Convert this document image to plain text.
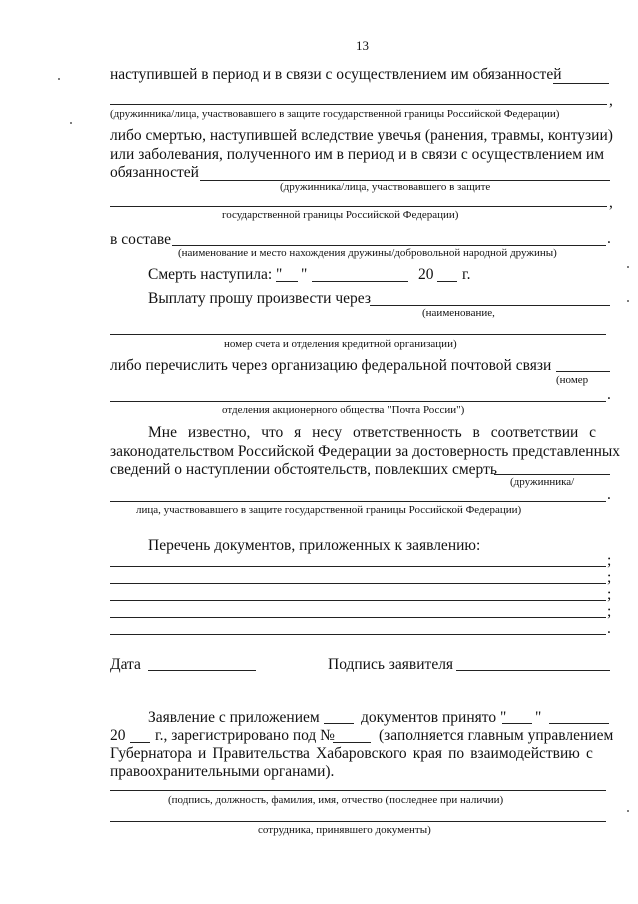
13
наступившей в период и в связи с осуществлением им обязанностей
,
(дружинника/лица, участвовавшего в защите государственной границы Российской Федерации)
либо смертью, наступившей вследствие увечья (ранения, травмы, контузии)
или заболевания, полученного им в период и в связи с осуществлением им
обязанностей
(дружинника/лица, участвовавшего в защите
,
государственной границы Российской Федерации)
в составе	.
(наименование и место нахождения дружины/добровольной народной дружины)
Смерть наступила: " "	20 г.
Выплату прошу произвести через
(наименование,
номер счета и отделения кредитной организации)
либо перечислить через организацию федеральной почтовой связи
(номер
.
отделения акционерного общества "Почта России")
Мне известно, что я несу ответственность в соответствии с
законодательством Российской Федерации за достоверность представленных
сведений о наступлении обстоятельств, повлекших смерть
(дружинника/
.
лица, участвовавшего в защите государственной границы Российской Федерации)
Перечень документов, приложенных к заявлению:
;
;
;
;
.
Дата	Подпись заявителя
Заявление с приложением	документов принято " "
20 г., зарегистрировано под №	(заполняется главным управлением
Губернатора и Правительства Хабаровского края по взаимодействию с
правоохранительными органами).
(подпись, должность, фамилия, имя, отчество (последнее при наличии)
сотрудника, принявшего документы)
